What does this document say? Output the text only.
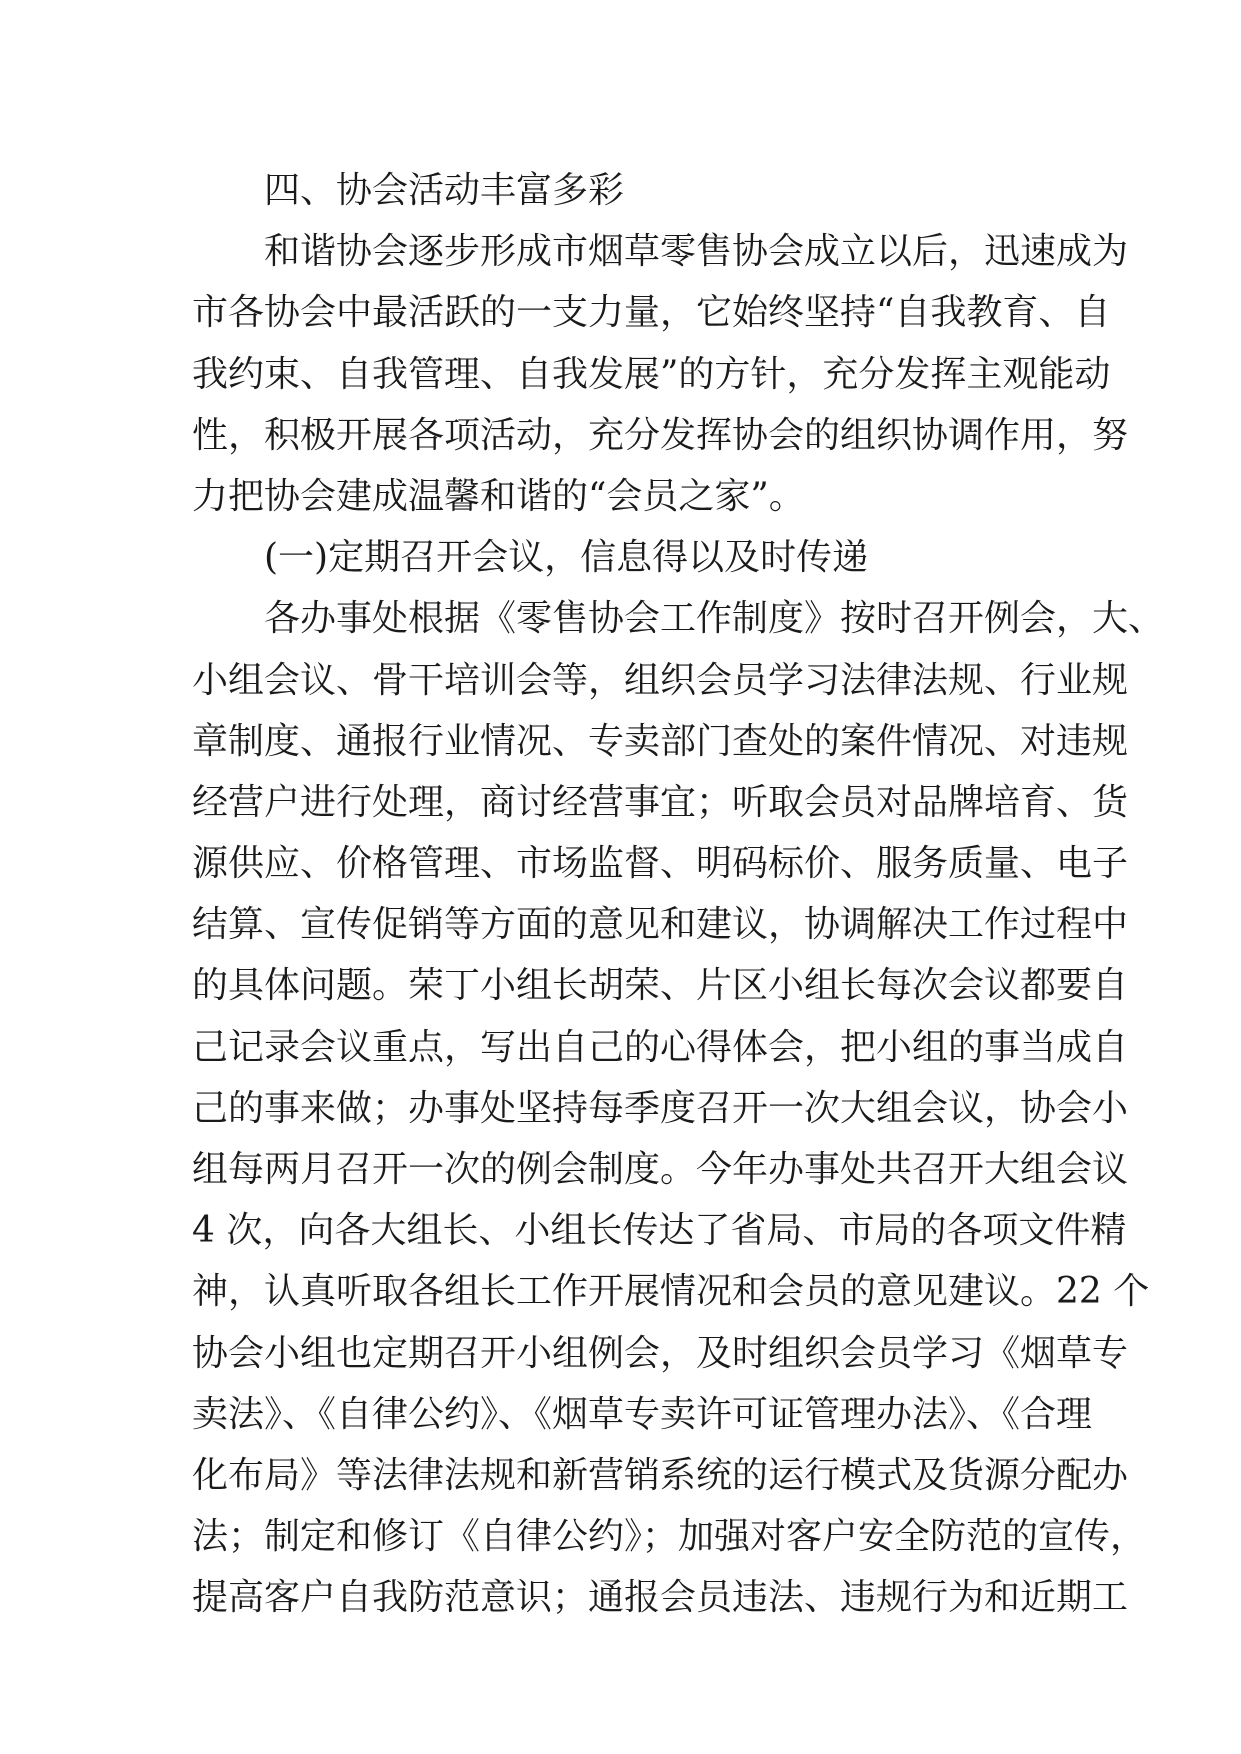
四、协会活动丰富多彩
和谐协会逐步形成市烟草零售协会成立以后，迅速成为
市各协会中最活跃的一支力量，它始终坚持“自我教育、自
我约束、自我管理、自我发展”的方针，充分发挥主观能动
性，积极开展各项活动，充分发挥协会的组织协调作用，努
力把协会建成温馨和谐的“会员之家”。
(一)定期召开会议，信息得以及时传递
各办事处根据《零售协会工作制度》按时召开例会，大、
小组会议、骨干培训会等，组织会员学习法律法规、行业规
章制度、通报行业情况、专卖部门查处的案件情况、对违规
经营户进行处理，商讨经营事宜；听取会员对品牌培育、货
源供应、价格管理、市场监督、明码标价、服务质量、电子
结算、宣传促销等方面的意见和建议，协调解决工作过程中
的具体问题。荣丁小组长胡荣、片区小组长每次会议都要自
己记录会议重点，写出自己的心得体会，把小组的事当成自
己的事来做；办事处坚持每季度召开一次大组会议，协会小
组每两月召开一次的例会制度。今年办事处共召开大组会议
4 次，向各大组长、小组长传达了省局、市局的各项文件精
神，认真听取各组长工作开展情况和会员的意见建议。22 个
协会小组也定期召开小组例会，及时组织会员学习《烟草专
卖法》、《自律公约》、《烟草专卖许可证管理办法》、《合理
化布局》等法律法规和新营销系统的运行模式及货源分配办
法；制定和修订《自律公约》；加强对客户安全防范的宣传，
提高客户自我防范意识；通报会员违法、违规行为和近期工
